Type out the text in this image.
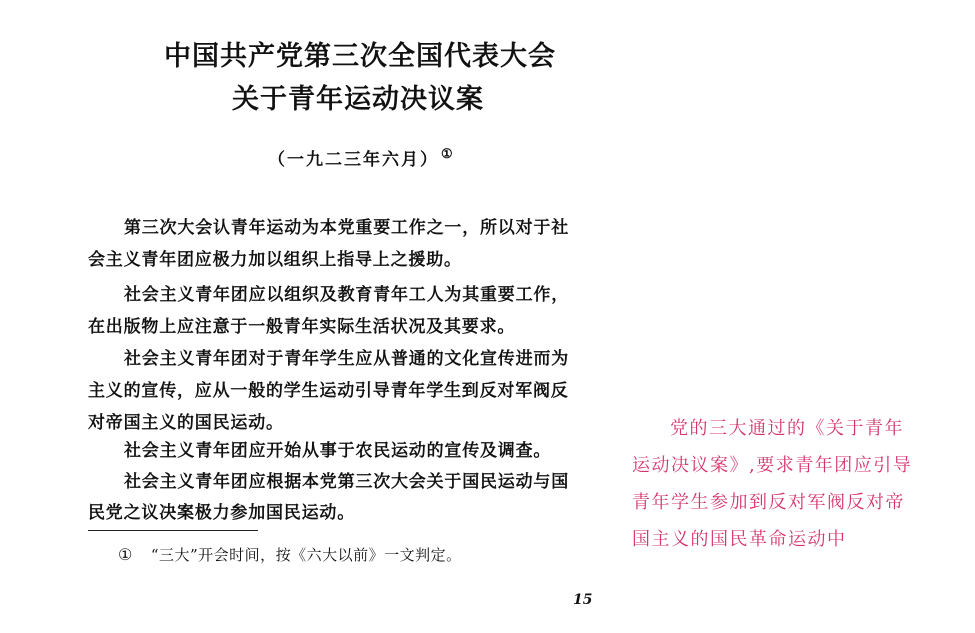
中国共产党第三次全国代表大会
关于青年运动决议案
（一九二三年六月） ①
第三次大会认青年运动为本党重要工作之一，所以对于社
会主义青年团应极力加以组织上指导上之援助。
社会主义青年团应以组织及教育青年工人为其重要工作，
在出版物上应注意于一般青年实际生活状况及其要求。
社会主义青年团对于青年学生应从普通的文化宣传进而为
主义的宣传，应从一般的学生运动引导青年学生到反对军阀反
对帝国主义的国民运动。
社会主义青年团应开始从事于农民运动的宣传及调查。
社会主义青年团应根据本党第三次大会关于国民运动与国
民党之议决案极力参加国民运动。
① “三大”开会时间，按《六大以前》一文判定。
15
党的三大通过的《关于青年
运动决议案》,要求青年团应引导
青年学生参加到反对军阀反对帝
国主义的国民革命运动中
